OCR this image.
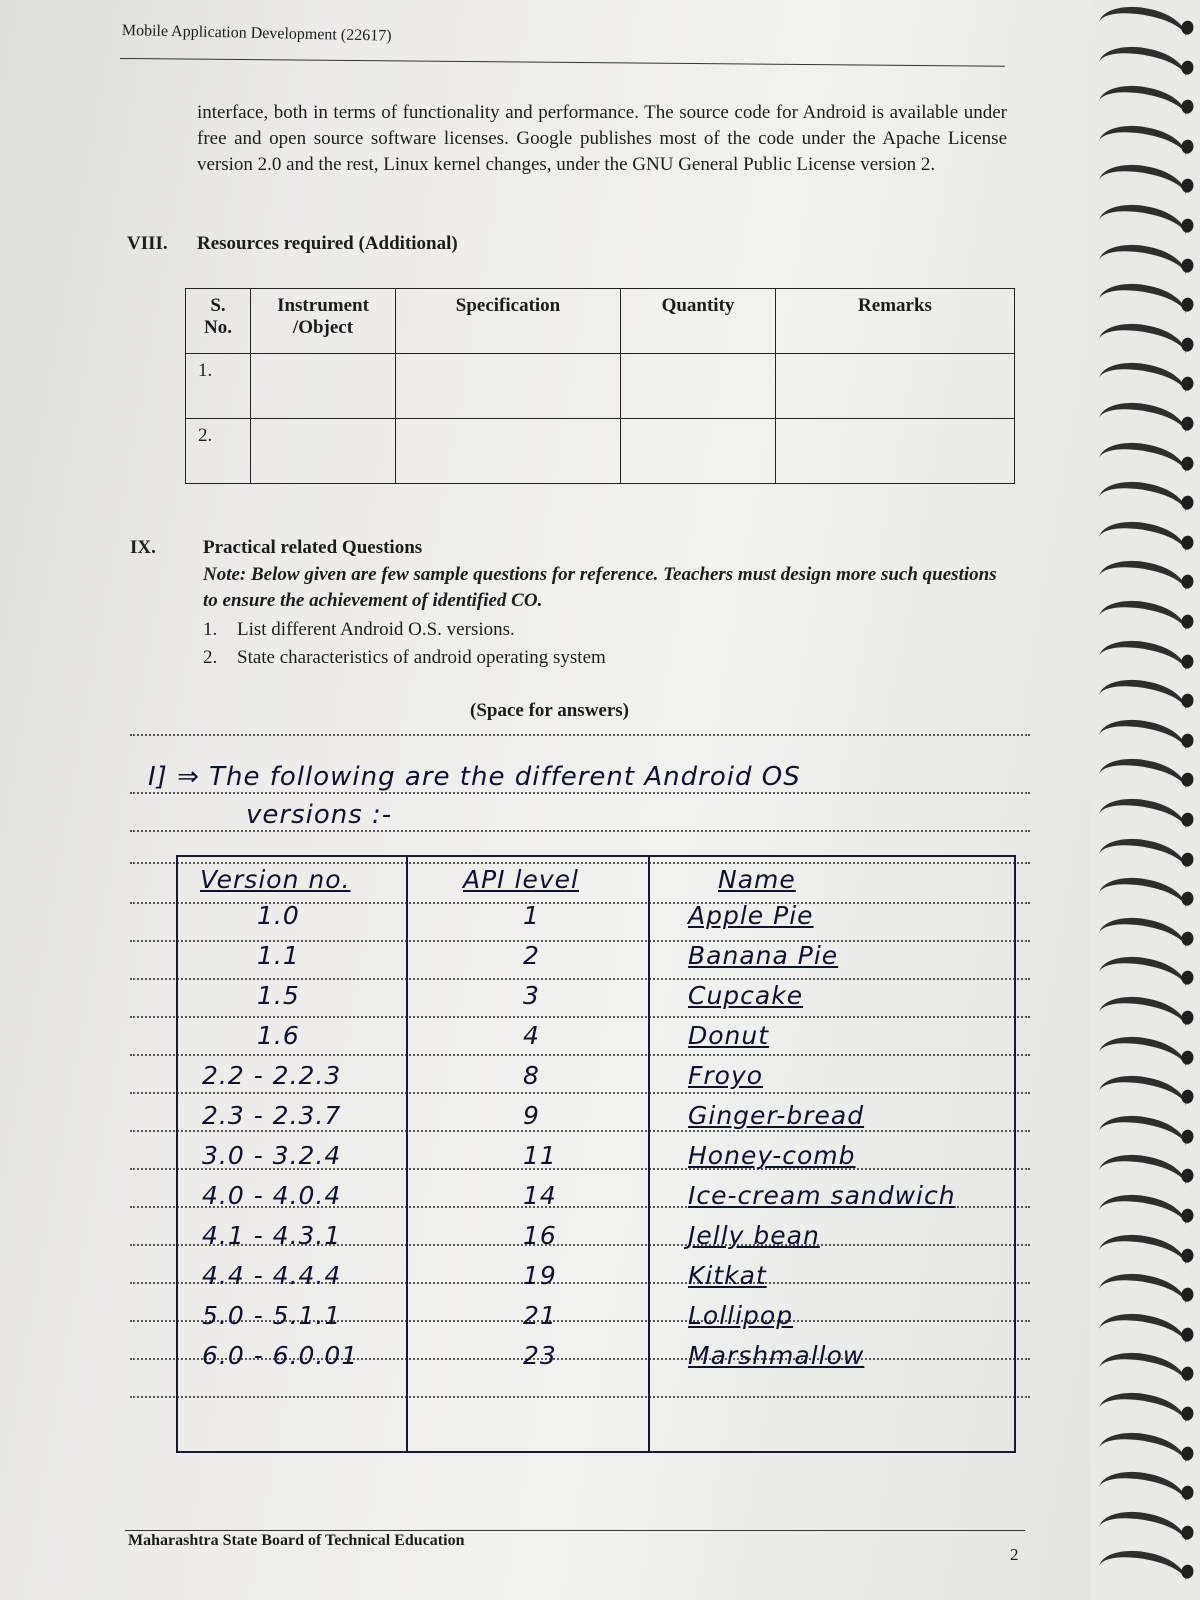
Mobile Application Development (22617)

interface, both in terms of functionality and performance. The source code for Android is available under free and open source software licenses. Google publishes most of the code under the Apache License version 2.0 and the rest, Linux kernel changes, under the GNU General Public License version 2.

VIII. Resources required (Additional)
S. No.	Instrument /Object	Specification	Quantity	Remarks
1.				
2.				
IX. Practical related Questions

Note: Below given are few sample questions for reference. Teachers must design more such questions to ensure the achievement of identified CO.

1. List different Android O.S. versions.
2. State characteristics of android operating system
(Space for answers)
I] ⇒ The following are the different Android OS
versions :-
Version no.	API level	Name
1.0	1	Apple Pie
1.1	2	Banana Pie
1.5	3	Cupcake
1.6	4	Donut
2.2 - 2.2.3	8	Froyo
2.3 - 2.3.7	9	Ginger-bread
3.0 - 3.2.4	11	Honey-comb
4.0 - 4.0.4	14	Ice-cream sandwich
4.1 - 4.3.1	16	Jelly bean
4.4 - 4.4.4	19	Kitkat
5.0 - 5.1.1	21	Lollipop
6.0 - 6.0.01	23	Marshmallow
Maharashtra State Board of Technical Education
2
